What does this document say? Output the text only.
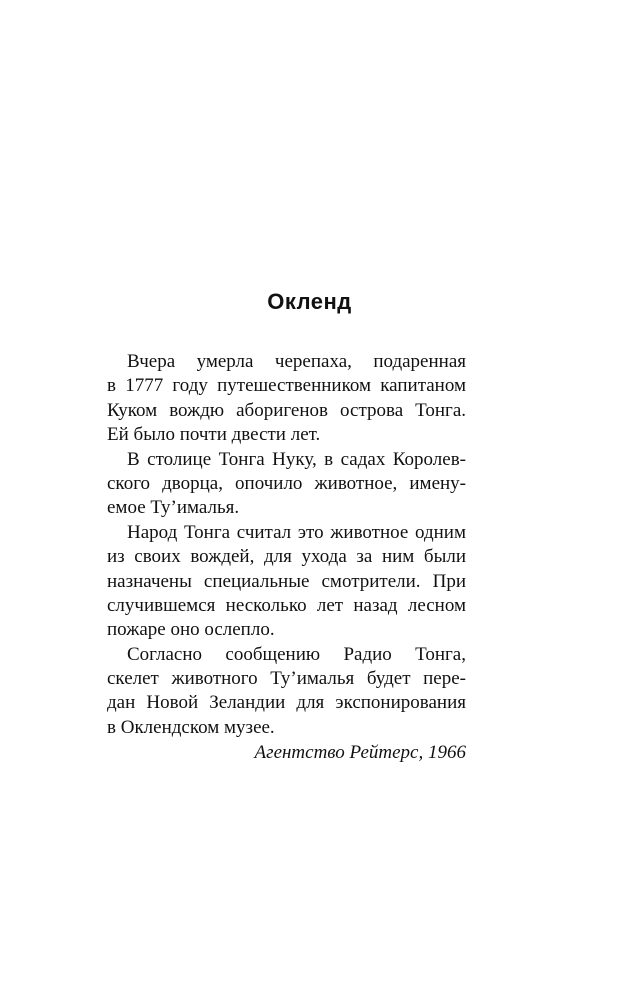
Окленд
Вчера умерла черепаха, подаренная
в 1777 году путешественником капитаном
Куком вождю аборигенов острова Тонга.
Ей было почти двести лет.
В столице Тонга Нуку, в садах Королев-
ского дворца, опочило животное, имену-
емое Ту’ималья.
Народ Тонга считал это животное одним
из своих вождей, для ухода за ним были
назначены специальные смотрители. При
случившемся несколько лет назад лесном
пожаре оно ослепло.
Согласно сообщению Радио Тонга,
скелет животного Ту’ималья будет пере-
дан Новой Зеландии для экспонирования
в Оклендском музее.
Агентство Рейтерс, 1966
